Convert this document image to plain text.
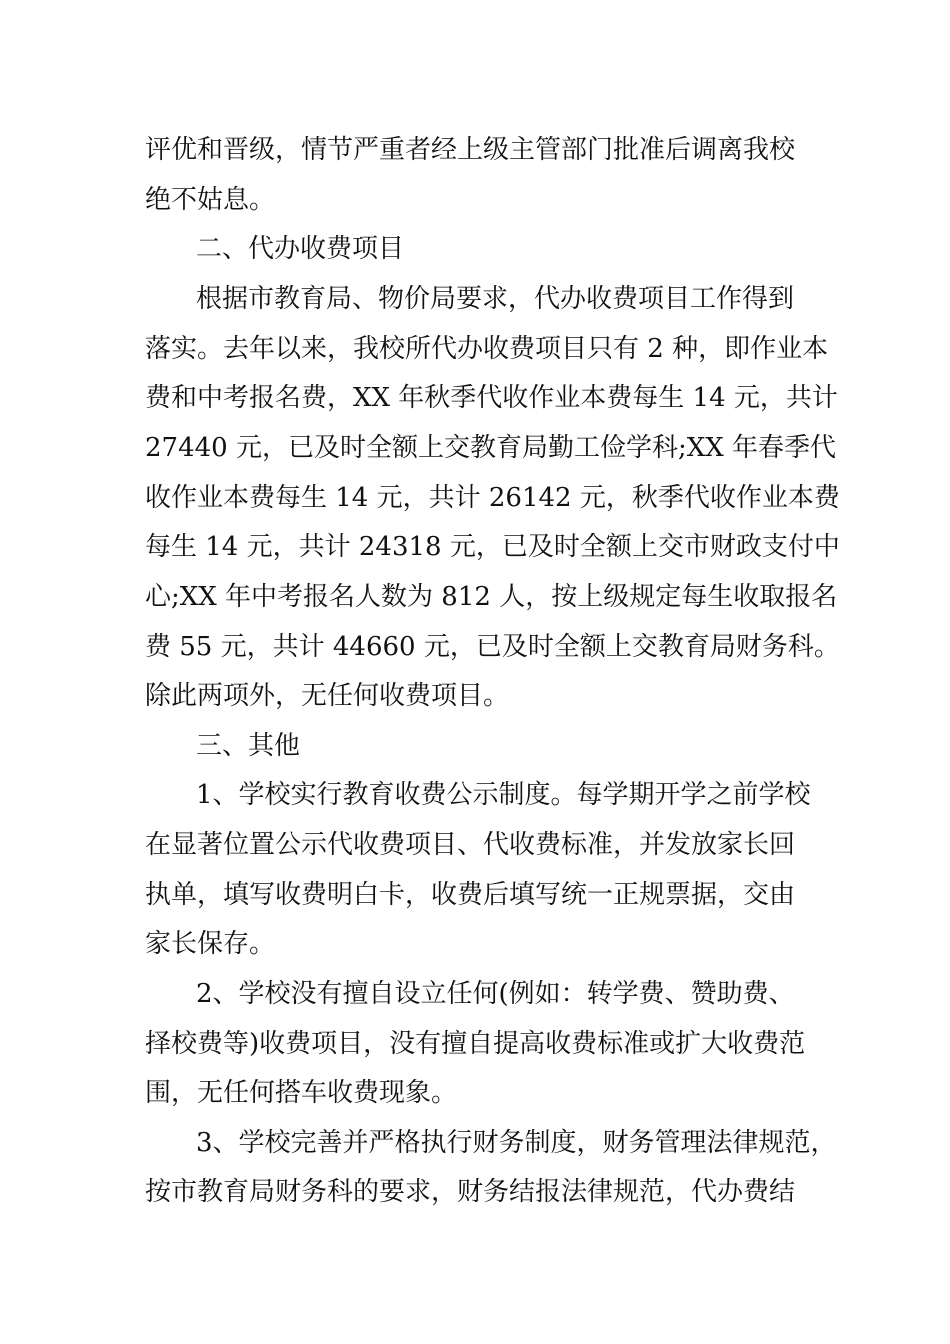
评优和晋级，情节严重者经上级主管部门批准后调离我校
绝不姑息。
二、代办收费项目
根据市教育局、物价局要求，代办收费项目工作得到
落实。去年以来，我校所代办收费项目只有 2 种，即作业本
费和中考报名费，XX 年秋季代收作业本费每生 14 元，共计
27440 元，已及时全额上交教育局勤工俭学科;XX 年春季代
收作业本费每生 14 元，共计 26142 元，秋季代收作业本费
每生 14 元，共计 24318 元，已及时全额上交市财政支付中
心;XX 年中考报名人数为 812 人，按上级规定每生收取报名
费 55 元，共计 44660 元，已及时全额上交教育局财务科。
除此两项外，无任何收费项目。
三、其他
1、学校实行教育收费公示制度。每学期开学之前学校
在显著位置公示代收费项目、代收费标准，并发放家长回
执单，填写收费明白卡，收费后填写统一正规票据，交由
家长保存。
2、学校没有擅自设立任何(例如：转学费、赞助费、
择校费等)收费项目，没有擅自提高收费标准或扩大收费范
围，无任何搭车收费现象。
3、学校完善并严格执行财务制度，财务管理法律规范，
按市教育局财务科的要求，财务结报法律规范，代办费结
